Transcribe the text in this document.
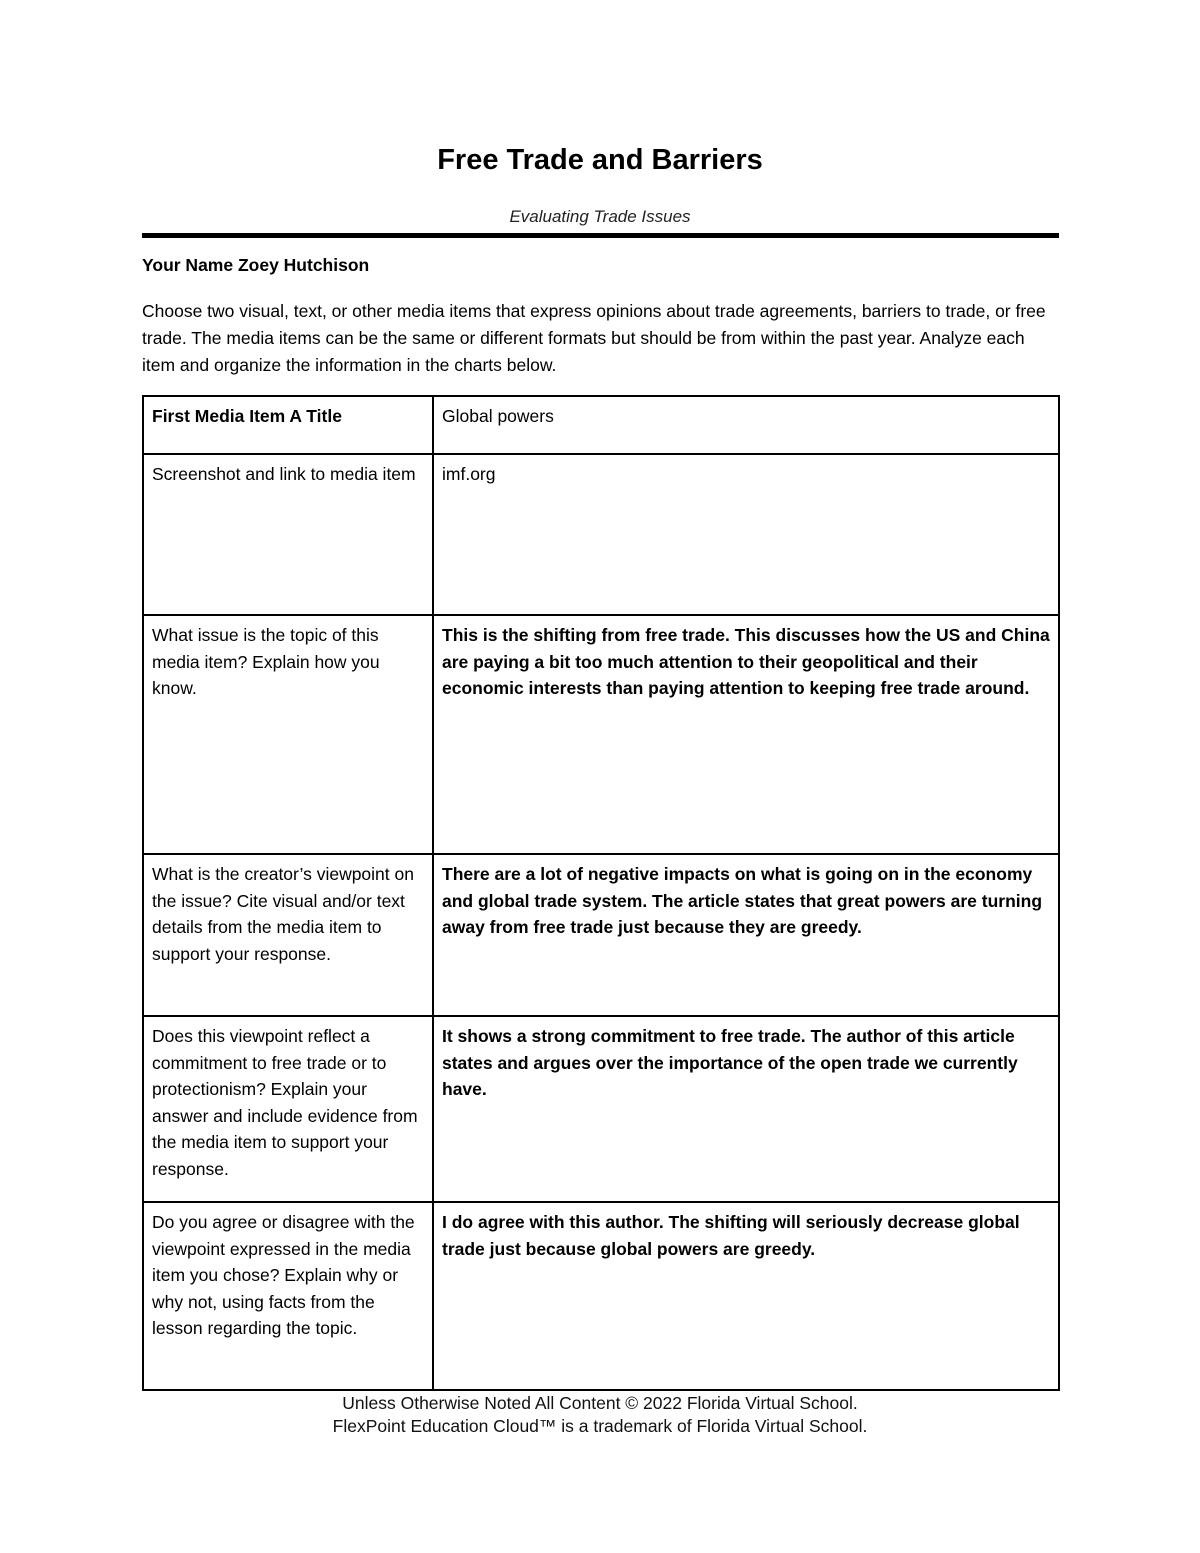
Free Trade and Barriers
Evaluating Trade Issues
Your Name Zoey Hutchison
Choose two visual, text, or other media items that express opinions about trade agreements, barriers to trade, or free trade. The media items can be the same or different formats but should be from within the past year. Analyze each item and organize the information in the charts below.
First Media Item A Title	Global powers
Screenshot and link to media item	imf.org
What issue is the topic of this media item? Explain how you know.	This is the shifting from free trade. This discusses how the US and China are paying a bit too much attention to their geopolitical and their economic interests than paying attention to keeping free trade around.
What is the creator’s viewpoint on the issue? Cite visual and/or text details from the media item to support your response.	There are a lot of negative impacts on what is going on in the economy and global trade system. The article states that great powers are turning away from free trade just because they are greedy.
Does this viewpoint reflect a commitment to free trade or to protectionism? Explain your answer and include evidence from the media item to support your response.	It shows a strong commitment to free trade. The author of this article states and argues over the importance of the open trade we currently have.
Do you agree or disagree with the viewpoint expressed in the media item you chose? Explain why or why not, using facts from the lesson regarding the topic.	I do agree with this author. The shifting will seriously decrease global trade just because global powers are greedy.
Unless Otherwise Noted All Content © 2022 Florida Virtual School.
FlexPoint Education Cloud™ is a trademark of Florida Virtual School.
